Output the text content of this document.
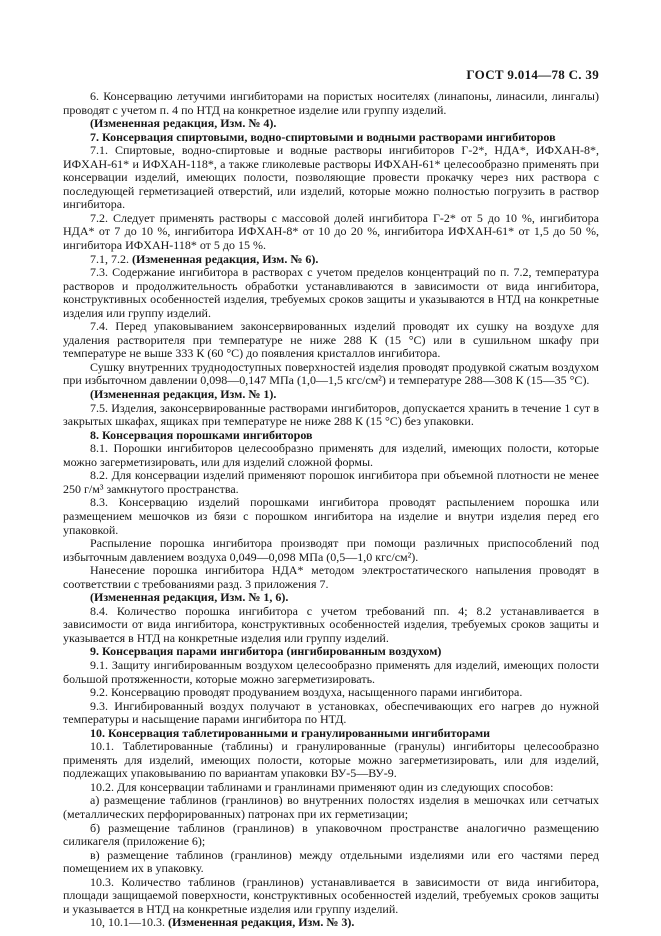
ГОСТ 9.014—78 С. 39

6. Консервацию летучими ингибиторами на пористых носителях (линапоны, линасили, лингалы) проводят с учетом п. 4 по НТД на конкретное изделие или группу изделий.

(Измененная редакция, Изм. № 4).

7. Консервация спиртовыми, водно-спиртовыми и водными растворами ингибиторов

7.1. Спиртовые, водно-спиртовые и водные растворы ингибиторов Г-2*, НДА*, ИФХАН-8*, ИФХАН-61* и ИФХАН-118*, а также гликолевые растворы ИФХАН-61* целесообразно применять при консервации изделий, имеющих полости, позволяющие провести прокачку через них раствора с последующей герметизацией отверстий, или изделий, которые можно полностью погрузить в раствор ингибитора.

7.2. Следует применять растворы с массовой долей ингибитора Г-2* от 5 до 10 %, ингибитора НДА* от 7 до 10 %, ингибитора ИФХАН-8* от 10 до 20 %, ингибитора ИФХАН-61* от 1,5 до 50 %, ингибитора ИФХАН-118* от 5 до 15 %.

7.1, 7.2. (Измененная редакция, Изм. № 6).

7.3. Содержание ингибитора в растворах с учетом пределов концентраций по п. 7.2, температура растворов и продолжительность обработки устанавливаются в зависимости от вида ингибитора, конструктивных особенностей изделия, требуемых сроков защиты и указываются в НТД на конкретные изделия или группу изделий.

7.4. Перед упаковыванием законсервированных изделий проводят их сушку на воздухе для удаления растворителя при температуре не ниже 288 К (15 °С) или в сушильном шкафу при температуре не выше 333 К (60 °С) до появления кристаллов ингибитора.

Сушку внутренних труднодоступных поверхностей изделия проводят продувкой сжатым воздухом при избыточном давлении 0,098—0,147 МПа (1,0—1,5 кгс/см²) и температуре 288—308 К (15—35 °С).

(Измененная редакция, Изм. № 1).

7.5. Изделия, законсервированные растворами ингибиторов, допускается хранить в течение 1 сут в закрытых шкафах, ящиках при температуре не ниже 288 К (15 °С) без упаковки.

8. Консервация порошками ингибиторов

8.1. Порошки ингибиторов целесообразно применять для изделий, имеющих полости, которые можно загерметизировать, или для изделий сложной формы.

8.2. Для консервации изделий применяют порошок ингибитора при объемной плотности не менее 250 г/м³ замкнутого пространства.

8.3. Консервацию изделий порошками ингибитора проводят распылением порошка или размещением мешочков из бязи с порошком ингибитора на изделие и внутри изделия перед его упаковкой.

Распыление порошка ингибитора производят при помощи различных приспособлений под избыточным давлением воздуха 0,049—0,098 МПа (0,5—1,0 кгс/см²).

Нанесение порошка ингибитора НДА* методом электростатического напыления проводят в соответствии с требованиями разд. 3 приложения 7.

(Измененная редакция, Изм. № 1, 6).

8.4. Количество порошка ингибитора с учетом требований пп. 4; 8.2 устанавливается в зависимости от вида ингибитора, конструктивных особенностей изделия, требуемых сроков защиты и указывается в НТД на конкретные изделия или группу изделий.

9. Консервация парами ингибитора (ингибированным воздухом)

9.1. Защиту ингибированным воздухом целесообразно применять для изделий, имеющих полости большой протяженности, которые можно загерметизировать.

9.2. Консервацию проводят продуванием воздуха, насыщенного парами ингибитора.

9.3. Ингибированный воздух получают в установках, обеспечивающих его нагрев до нужной температуры и насыщение парами ингибитора по НТД.

10. Консервация таблетированными и гранулированными ингибиторами

10.1. Таблетированные (таблины) и гранулированные (гранулы) ингибиторы целесообразно применять для изделий, имеющих полости, которые можно загерметизировать, или для изделий, подлежащих упаковыванию по вариантам упаковки ВУ-5—ВУ-9.

10.2. Для консервации таблинами и гранлинами применяют один из следующих способов:

а) размещение таблинов (гранлинов) во внутренних полостях изделия в мешочках или сетчатых (металлических перфорированных) патронах при их герметизации;

б) размещение таблинов (гранлинов) в упаковочном пространстве аналогично размещению силикагеля (приложение 6);

в) размещение таблинов (гранлинов) между отдельными изделиями или его частями перед помещением их в упаковку.

10.3. Количество таблинов (гранлинов) устанавливается в зависимости от вида ингибитора, площади защищаемой поверхности, конструктивных особенностей изделий, требуемых сроков защиты и указывается в НТД на конкретные изделия или группу изделий.

10, 10.1—10.3. (Измененная редакция, Изм. № 3).
